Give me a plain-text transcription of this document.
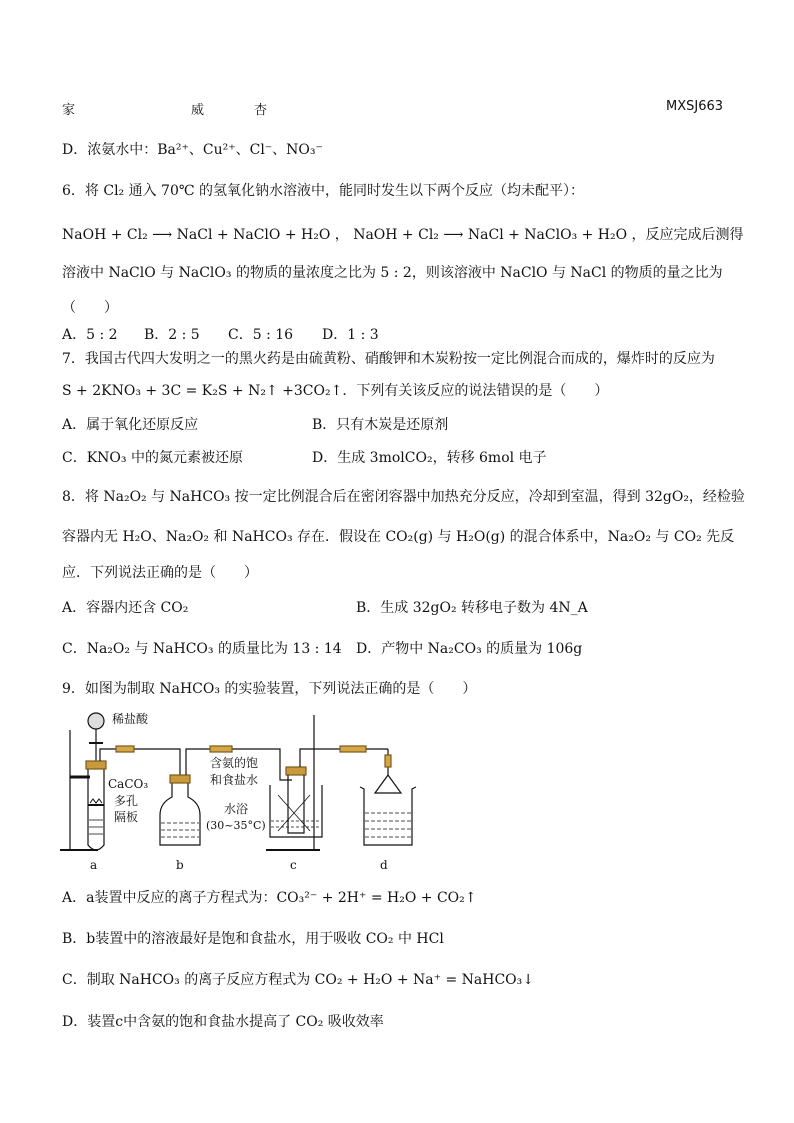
家	威	杏	MXSJ663
D．浓氨水中：Ba²⁺、Cu²⁺、Cl⁻、NO₃⁻
6．将 Cl₂ 通入 70℃ 的氢氧化钠水溶液中，能同时发生以下两个反应（均未配平）：
NaOH + Cl₂ ⟶ NaCl + NaClO + H₂O ， NaOH + Cl₂ ⟶ NaCl + NaClO₃ + H₂O ，反应完成后测得
溶液中 NaClO 与 NaClO₃ 的物质的量浓度之比为 5 : 2，则该溶液中 NaClO 与 NaCl 的物质的量之比为
（　　）
A．5 : 2 B．2 : 5 C．5 : 16 D．1 : 3
7．我国古代四大发明之一的黑火药是由硫黄粉、硝酸钾和木炭粉按一定比例混合而成的，爆炸时的反应为
S + 2KNO₃ + 3C = K₂S + N₂↑ +3CO₂↑．下列有关该反应的说法错误的是（　　）
A．属于氧化还原反应	B．只有木炭是还原剂
C．KNO₃ 中的氮元素被还原	D．生成 3molCO₂，转移 6mol 电子
8．将 Na₂O₂ 与 NaHCO₃ 按一定比例混合后在密闭容器中加热充分反应，冷却到室温，得到 32gO₂，经检验
容器内无 H₂O、Na₂O₂ 和 NaHCO₃ 存在．假设在 CO₂(g) 与 H₂O(g) 的混合体系中，Na₂O₂ 与 CO₂ 先反
应．下列说法正确的是（　　）
A．容器内还含 CO₂	B．生成 32gO₂ 转移电子数为 4N_A
C．Na₂O₂ 与 NaHCO₃ 的质量比为 13 : 14 D．产物中 Na₂CO₃ 的质量为 106g
9．如图为制取 NaHCO₃ 的实验装置，下列说法正确的是（　　）
稀盐酸
CaCO₃
多孔
隔板
含氨的饱
和食盐水
水浴
(30~35°C)
a	b	c	d
A．a装置中反应的离子方程式为：CO₃²⁻ + 2H⁺ = H₂O + CO₂↑
B．b装置中的溶液最好是饱和食盐水，用于吸收 CO₂ 中 HCl
C．制取 NaHCO₃ 的离子反应方程式为 CO₂ + H₂O + Na⁺ = NaHCO₃↓
D．装置c中含氨的饱和食盐水提高了 CO₂ 吸收效率
